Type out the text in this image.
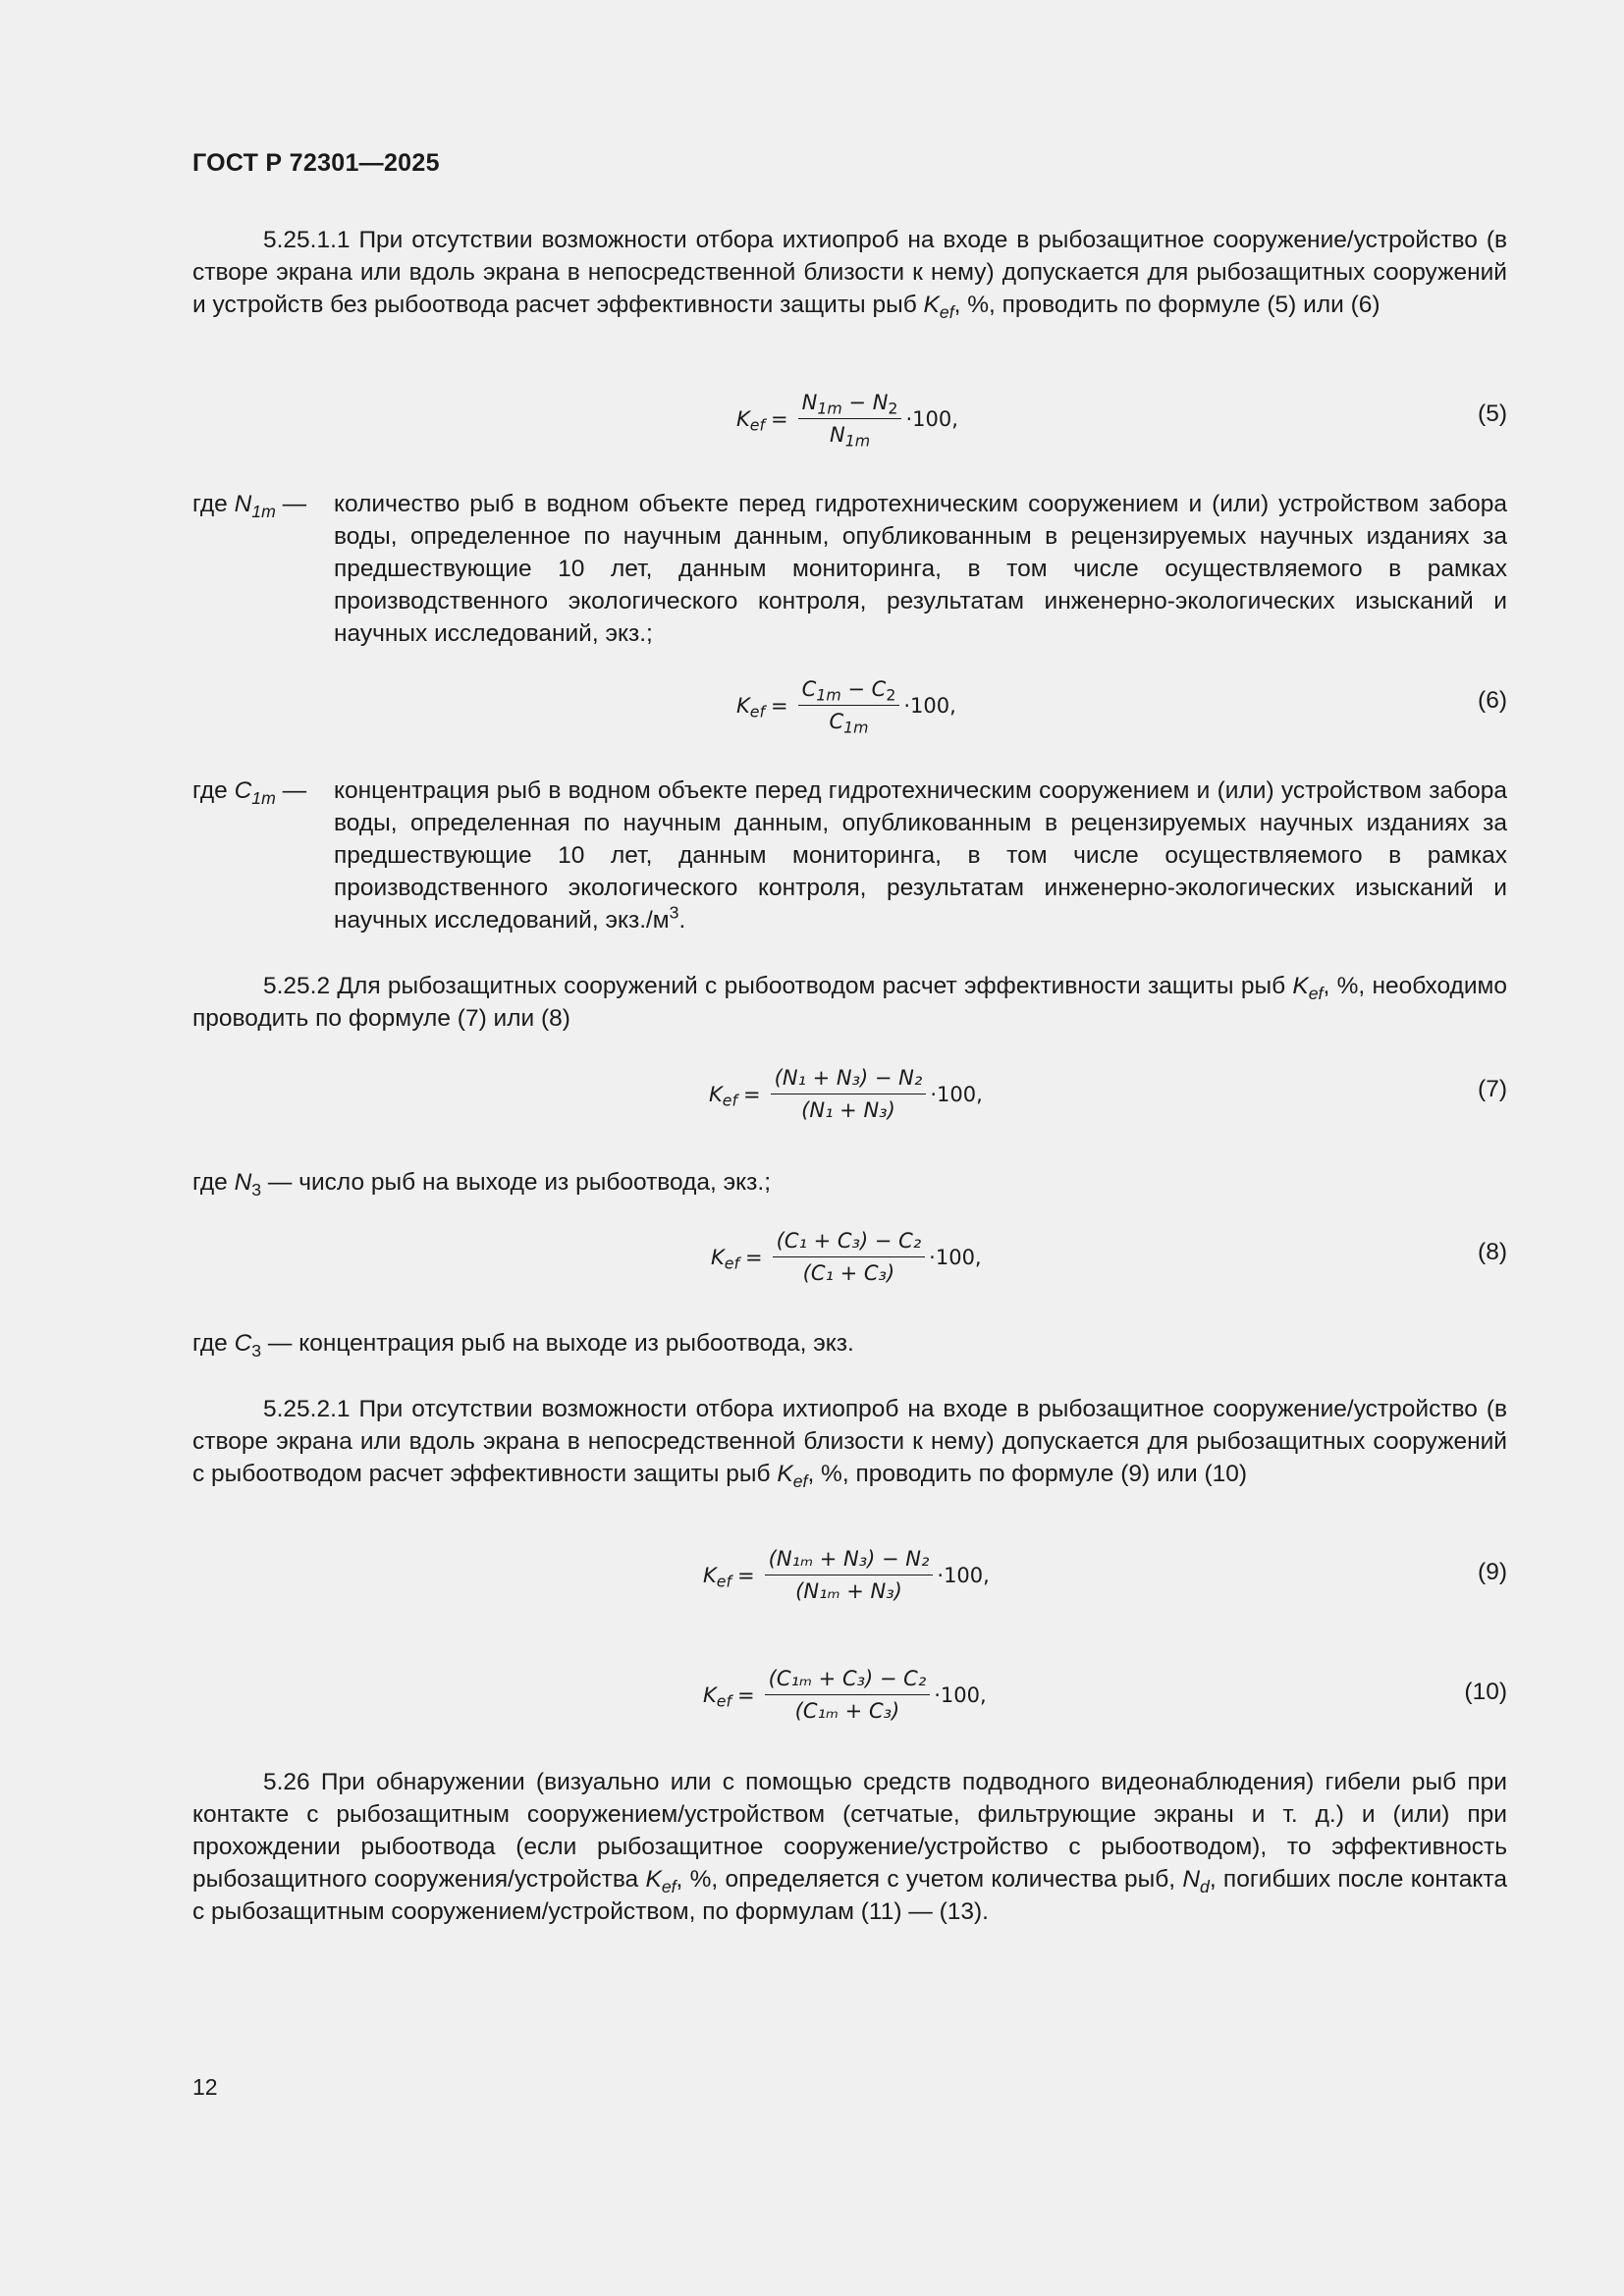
ГОСТ Р 72301—2025
5.25.1.1 При отсутствии возможности отбора ихтиопроб на входе в рыбозащитное сооружение/устройство (в створе экрана или вдоль экрана в непосредственной близости к нему) допускается для рыбозащитных сооружений и устройств без рыбоотвода расчет эффективности защиты рыб $K_{ef}$, %, проводить по формуле (5) или (6)
$K_{ef} = \frac{N_{1m} - N_2}{N_{1m}} \cdot 100$,	(5)
где $N_{1m}$ — количество рыб в водном объекте перед гидротехническим сооружением и (или) устройством забора воды, определенное по научным данным, опубликованным в рецензируемых научных изданиях за предшествующие 10 лет, данным мониторинга, в том числе осуществляемого в рамках производственного экологического контроля, результатам инженерно-экологических изысканий и научных исследований, экз.;
$K_{ef} = \frac{C_{1m} - C_2}{C_{1m}} \cdot 100$,	(6)
где $C_{1m}$ — концентрация рыб в водном объекте перед гидротехническим сооружением и (или) устройством забора воды, определенная по научным данным, опубликованным в рецензируемых научных изданиях за предшествующие 10 лет, данным мониторинга, в том числе осуществляемого в рамках производственного экологического контроля, результатам инженерно-экологических изысканий и научных исследований, $экз./м^3$.
5.25.2 Для рыбозащитных сооружений с рыбоотводом расчет эффективности защиты рыб $K_{ef}$, %, необходимо проводить по формуле (7) или (8)
$K_{ef} = \frac{\text{(N₁ + N₃) − N₂}}{\text{(N₁ + N₃)}} \cdot 100$,	(7)
где $N_3$ — число рыб на выходе из рыбоотвода, экз.;
$K_{ef} = \frac{\text{(C₁ + C₃) − C₂}}{\text{(C₁ + C₃)}} \cdot 100$,	(8)
где $C_3$ — концентрация рыб на выходе из рыбоотвода, экз.
5.25.2.1 При отсутствии возможности отбора ихтиопроб на входе в рыбозащитное сооружение/устройство (в створе экрана или вдоль экрана в непосредственной близости к нему) допускается для рыбозащитных сооружений с рыбоотводом расчет эффективности защиты рыб $K_{ef}$, %, проводить по формуле (9) или (10)
$K_{ef} = \frac{\text{(N₁ₘ + N₃) − N₂}}{\text{(N₁ₘ + N₃)}} \cdot 100$,	(9)
$K_{ef} = \frac{\text{(C₁ₘ + C₃) − C₂}}{\text{(C₁ₘ + C₃)}} \cdot 100$,	(10)
5.26 При обнаружении (визуально или с помощью средств подводного видеонаблюдения) гибели рыб при контакте с рыбозащитным сооружением/устройством (сетчатые, фильтрующие экраны и т. д.) и (или) при прохождении рыбоотвода (если рыбозащитное сооружение/устройство с рыбоотводом), то эффективность рыбозащитного сооружения/устройства $K_{ef}$, %, определяется с учетом количества рыб, $N_d$, погибших после контакта с рыбозащитным сооружением/устройством, по формулам (11) — (13).
12
